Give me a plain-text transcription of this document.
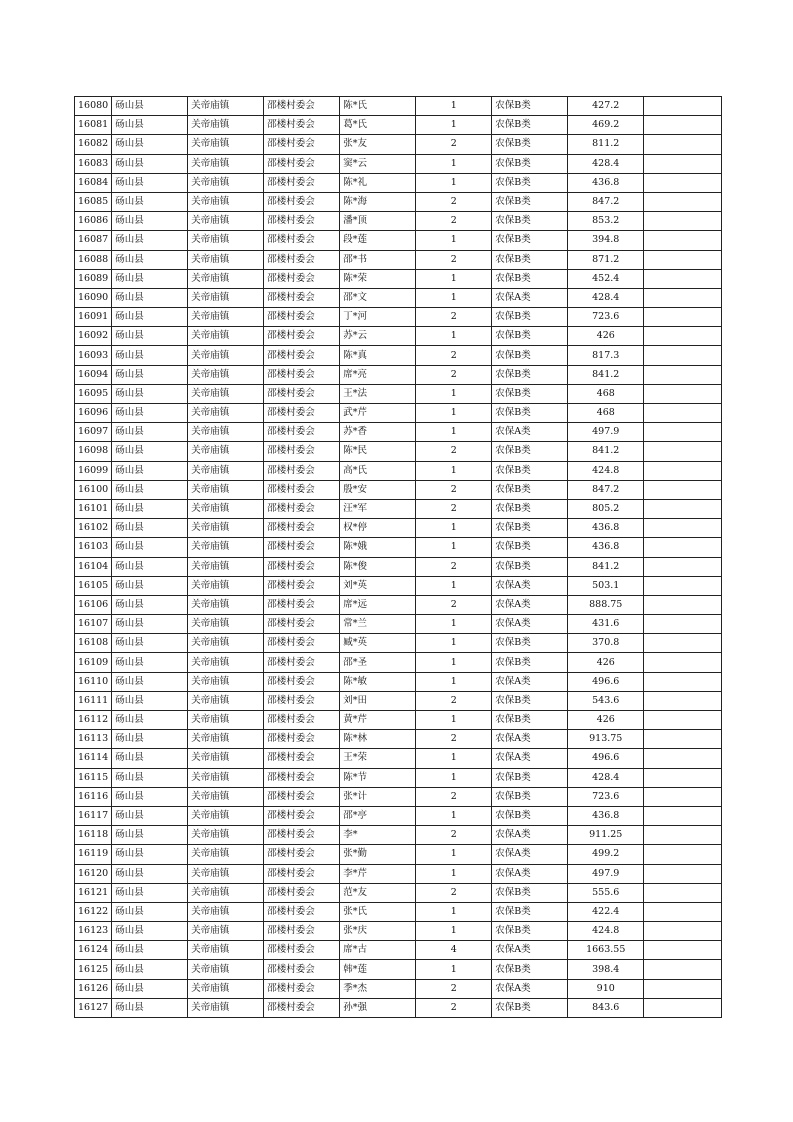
16080	砀山县	关帝庙镇	邵楼村委会	陈*氏	1	农保B类	427.2	
16081	砀山县	关帝庙镇	邵楼村委会	葛*氏	1	农保B类	469.2	
16082	砀山县	关帝庙镇	邵楼村委会	张*友	2	农保B类	811.2	
16083	砀山县	关帝庙镇	邵楼村委会	窦*云	1	农保B类	428.4	
16084	砀山县	关帝庙镇	邵楼村委会	陈*礼	1	农保B类	436.8	
16085	砀山县	关帝庙镇	邵楼村委会	陈*海	2	农保B类	847.2	
16086	砀山县	关帝庙镇	邵楼村委会	潘*顶	2	农保B类	853.2	
16087	砀山县	关帝庙镇	邵楼村委会	段*莲	1	农保B类	394.8	
16088	砀山县	关帝庙镇	邵楼村委会	邵*书	2	农保B类	871.2	
16089	砀山县	关帝庙镇	邵楼村委会	陈*荣	1	农保B类	452.4	
16090	砀山县	关帝庙镇	邵楼村委会	邵*文	1	农保A类	428.4	
16091	砀山县	关帝庙镇	邵楼村委会	丁*河	2	农保B类	723.6	
16092	砀山县	关帝庙镇	邵楼村委会	苏*云	1	农保B类	426	
16093	砀山县	关帝庙镇	邵楼村委会	陈*真	2	农保B类	817.3	
16094	砀山县	关帝庙镇	邵楼村委会	席*亮	2	农保B类	841.2	
16095	砀山县	关帝庙镇	邵楼村委会	王*法	1	农保B类	468	
16096	砀山县	关帝庙镇	邵楼村委会	武*芹	1	农保B类	468	
16097	砀山县	关帝庙镇	邵楼村委会	苏*香	1	农保A类	497.9	
16098	砀山县	关帝庙镇	邵楼村委会	陈*民	2	农保B类	841.2	
16099	砀山县	关帝庙镇	邵楼村委会	高*氏	1	农保B类	424.8	
16100	砀山县	关帝庙镇	邵楼村委会	殷*安	2	农保B类	847.2	
16101	砀山县	关帝庙镇	邵楼村委会	汪*军	2	农保B类	805.2	
16102	砀山县	关帝庙镇	邵楼村委会	权*停	1	农保B类	436.8	
16103	砀山县	关帝庙镇	邵楼村委会	陈*娥	1	农保B类	436.8	
16104	砀山县	关帝庙镇	邵楼村委会	陈*俊	2	农保B类	841.2	
16105	砀山县	关帝庙镇	邵楼村委会	刘*英	1	农保A类	503.1	
16106	砀山县	关帝庙镇	邵楼村委会	席*远	2	农保A类	888.75	
16107	砀山县	关帝庙镇	邵楼村委会	常*兰	1	农保A类	431.6	
16108	砀山县	关帝庙镇	邵楼村委会	臧*英	1	农保B类	370.8	
16109	砀山县	关帝庙镇	邵楼村委会	邵*圣	1	农保B类	426	
16110	砀山县	关帝庙镇	邵楼村委会	陈*敏	1	农保A类	496.6	
16111	砀山县	关帝庙镇	邵楼村委会	刘*田	2	农保B类	543.6	
16112	砀山县	关帝庙镇	邵楼村委会	黄*芹	1	农保B类	426	
16113	砀山县	关帝庙镇	邵楼村委会	陈*林	2	农保A类	913.75	
16114	砀山县	关帝庙镇	邵楼村委会	王*荣	1	农保A类	496.6	
16115	砀山县	关帝庙镇	邵楼村委会	陈*节	1	农保B类	428.4	
16116	砀山县	关帝庙镇	邵楼村委会	张*计	2	农保B类	723.6	
16117	砀山县	关帝庙镇	邵楼村委会	邵*亭	1	农保B类	436.8	
16118	砀山县	关帝庙镇	邵楼村委会	李*	2	农保A类	911.25	
16119	砀山县	关帝庙镇	邵楼村委会	张*勤	1	农保A类	499.2	
16120	砀山县	关帝庙镇	邵楼村委会	李*芹	1	农保A类	497.9	
16121	砀山县	关帝庙镇	邵楼村委会	范*友	2	农保B类	555.6	
16122	砀山县	关帝庙镇	邵楼村委会	张*氏	1	农保B类	422.4	
16123	砀山县	关帝庙镇	邵楼村委会	张*庆	1	农保B类	424.8	
16124	砀山县	关帝庙镇	邵楼村委会	席*古	4	农保A类	1663.55	
16125	砀山县	关帝庙镇	邵楼村委会	韩*莲	1	农保B类	398.4	
16126	砀山县	关帝庙镇	邵楼村委会	季*杰	2	农保A类	910	
16127	砀山县	关帝庙镇	邵楼村委会	孙*强	2	农保B类	843.6	
